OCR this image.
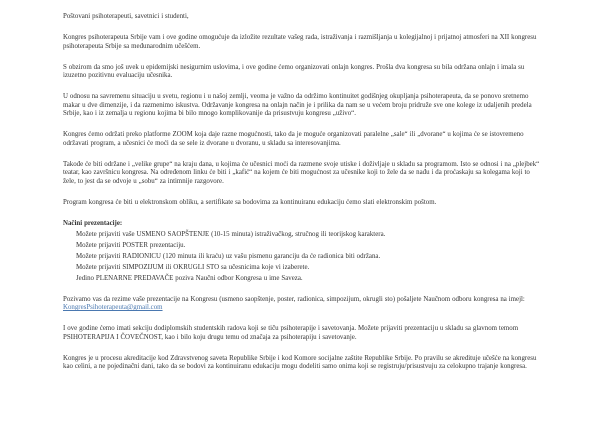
Poštovani psihoterapeuti, savetnici i studenti,

Kongres psihoterapeuta Srbije vam i ove godine omogućuje da izložite rezultate vašeg rada, istraživanja i razmišljanja u kolegijalnoj i prijatnoj atmosferi na XII kongresu psihoterapeuta Srbije sa međunarodnim učešćem.

S obzirom da smo još uvek u epidemijski nesigurnim uslovima, i ove godine ćemo organizovati onlajn kongres. Prošla dva kongresa su bila održana onlajn i imala su izuzetno pozitivnu evaluaciju učesnika.

U odnosu na savremenu situaciju u svetu, regionu i u našoj zemlji, veoma je važno da održimo kontinuitet godišnjeg okupljanja psihoterapeuta, da se ponovo sretnemo makar u dve dimenzije, i da razmenimo iskustva. Održavanje kongresa na onlajn način je i prilika da nam se u većem broju pridruže sve one kolege iz udaljenih predela Srbije, kao i iz zemalja u regionu kojima bi bilo mnogo komplikovanije da prisustvuju kongresu „uživo“.

Kongres ćemo održati preko platforme ZOOM koja daje razne mogućnosti, tako da je moguće organizovati paralelne „sale“ ili „dvorane“ u kojima će se istovremeno održavati program, a učesnici će moći da se sele iz dvorane u dvoranu, u skladu sa interesovanjima.

Takođe će biti održane i „velike grupe“ na kraju dana, u kojima će učesnici moći da razmene svoje utiske i doživljaje u skladu sa programom. Isto se odnosi i na „plejbek“ teatar, kao završnicu kongresa. Na određenom linku će biti i „kafić“ na kojem će biti mogućnost za učesnike koji to žele da se nađu i da proćaskaju sa kolegama koji to žele, to jest da se odvoje u „sobu“ za intimnije razgovore.

Program kongresa će biti u elektronskom obliku, a sertifikate sa bodovima za kontinuiranu edukaciju ćemo slati elektronskim poštom.

Načini prezentacije:

Možete prijaviti vaše USMENO SAOPŠTENJE (10-15 minuta) istraživačkog, stručnog ili teorijskog karaktera.

Možete prijaviti POSTER prezentaciju.

Možete prijaviti RADIONICU (120 minuta ili kraću) uz vašu pismenu garanciju da će radionica biti održana.

Možete prijaviti SIMPOZIJUM ili OKRUGLI STO sa učesnicima koje vi izaberete.

Jedino PLENARNE PREDAVAČE poziva Naučni odbor Kongresa u ime Saveza.

Pozivamo vas da rezime vaše prezentacije na Kongresu (usmeno saopštenje, poster, radionica, simpozijum, okrugli sto) pošaljete Naučnom odboru kongresa na imejl:
KongresPsihoterapeuta@gmail.com

I ove godine ćemo imati sekciju dodiplomskih studentskih radova koji se tiču psihoterapije i savetovanja. Možete prijaviti prezentaciju u skladu sa glavnom temom PSIHOTERAPIJA I ČOVEČNOST, kao i bilo koju drugu temu od značaja za psihoterapiju i savetovanje.

Kongres je u procesu akreditacije kod Zdravstvenog saveta Republike Srbije i kod Komore socijalne zaštite Republike Srbije. Po pravilu se akredituje učešće na kongresu kao celini, a ne pojedinačni dani, tako da se bodovi za kontinuiranu edukaciju mogu dodeliti samo onima koji se registruju/prisustvuju za celokupno trajanje kongresa.
